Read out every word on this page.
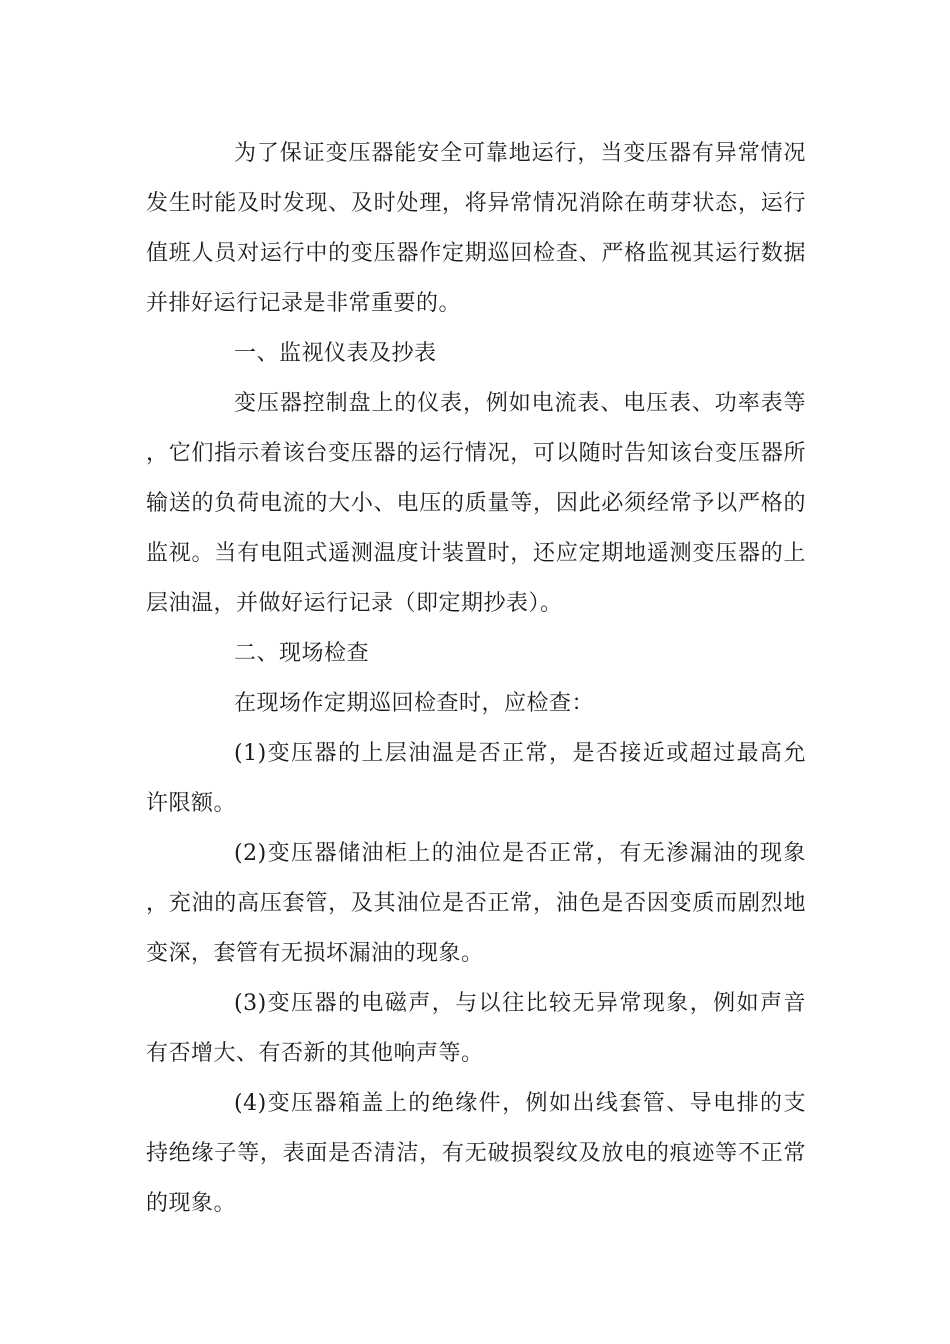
为了保证变压器能安全可靠地运行，当变压器有异常情况发生时能及时发现、及时处理，将异常情况消除在萌芽状态，运行值班人员对运行中的变压器作定期巡回检查、严格监视其运行数据并排好运行记录是非常重要的。

一、监视仪表及抄表

变压器控制盘上的仪表，例如电流表、电压表、功率表等，它们指示着该台变压器的运行情况，可以随时告知该台变压器所输送的负荷电流的大小、电压的质量等，因此必须经常予以严格的监视。当有电阻式遥测温度计装置时，还应定期地遥测变压器的上层油温，并做好运行记录（即定期抄表）。

二、现场检查

在现场作定期巡回检查时，应检查：

(1)变压器的上层油温是否正常，是否接近或超过最高允许限额。

(2)变压器储油柜上的油位是否正常，有无渗漏油的现象，充油的高压套管，及其油位是否正常，油色是否因变质而剧烈地变深，套管有无损坏漏油的现象。

(3)变压器的电磁声，与以往比较无异常现象，例如声音有否增大、有否新的其他响声等。

(4)变压器箱盖上的绝缘件，例如出线套管、导电排的支持绝缘子等，表面是否清洁，有无破损裂纹及放电的痕迹等不正常的现象。
